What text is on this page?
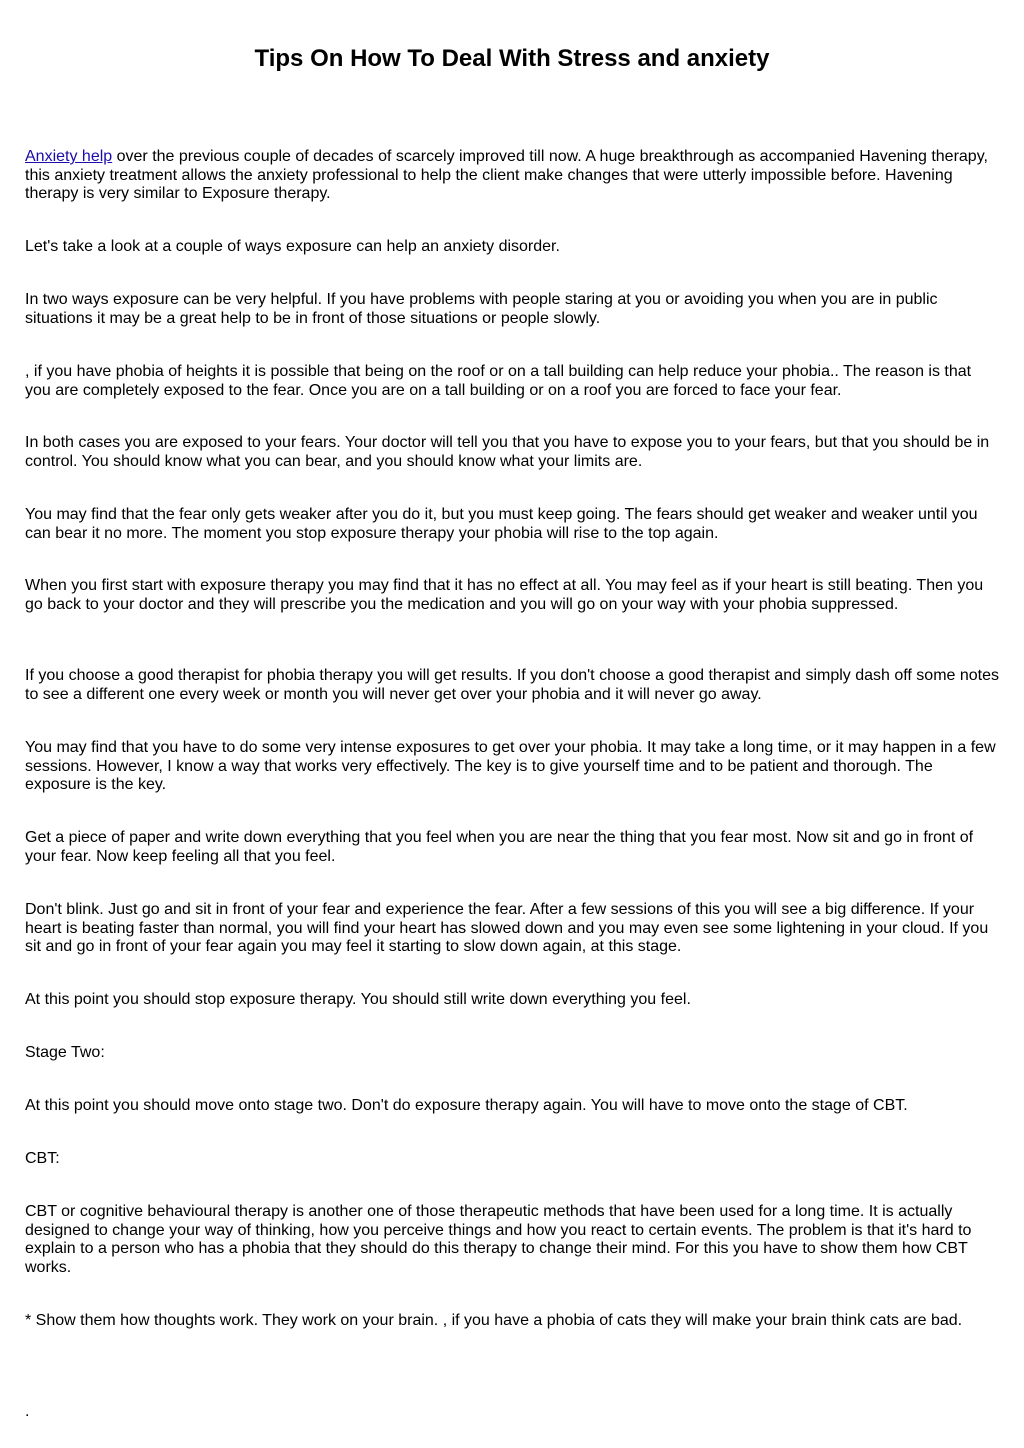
Tips On How To Deal With Stress and anxiety

Anxiety help over the previous couple of decades of scarcely improved till now. A huge breakthrough as accompanied Havening therapy, this anxiety treatment allows the anxiety professional to help the client make changes that were utterly impossible before. Havening therapy is very similar to Exposure therapy.

Let's take a look at a couple of ways exposure can help an anxiety disorder.

In two ways exposure can be very helpful. If you have problems with people staring at you or avoiding you when you are in public situations it may be a great help to be in front of those situations or people slowly.

, if you have phobia of heights it is possible that being on the roof or on a tall building can help reduce your phobia.. The reason is that you are completely exposed to the fear. Once you are on a tall building or on a roof you are forced to face your fear.

In both cases you are exposed to your fears. Your doctor will tell you that you have to expose you to your fears, but that you should be in control. You should know what you can bear, and you should know what your limits are.

You may find that the fear only gets weaker after you do it, but you must keep going. The fears should get weaker and weaker until you can bear it no more. The moment you stop exposure therapy your phobia will rise to the top again.

When you first start with exposure therapy you may find that it has no effect at all. You may feel as if your heart is still beating. Then you go back to your doctor and they will prescribe you the medication and you will go on your way with your phobia suppressed.

If you choose a good therapist for phobia therapy you will get results. If you don't choose a good therapist and simply dash off some notes to see a different one every week or month you will never get over your phobia and it will never go away.

You may find that you have to do some very intense exposures to get over your phobia. It may take a long time, or it may happen in a few sessions. However, I know a way that works very effectively. The key is to give yourself time and to be patient and thorough. The exposure is the key.

Get a piece of paper and write down everything that you feel when you are near the thing that you fear most. Now sit and go in front of your fear. Now keep feeling all that you feel.

Don't blink. Just go and sit in front of your fear and experience the fear. After a few sessions of this you will see a big difference. If your heart is beating faster than normal, you will find your heart has slowed down and you may even see some lightening in your cloud. If you sit and go in front of your fear again you may feel it starting to slow down again, at this stage.

At this point you should stop exposure therapy. You should still write down everything you feel.

Stage Two:

At this point you should move onto stage two. Don't do exposure therapy again. You will have to move onto the stage of CBT.

CBT:

CBT or cognitive behavioural therapy is another one of those therapeutic methods that have been used for a long time. It is actually designed to change your way of thinking, how you perceive things and how you react to certain events. The problem is that it's hard to explain to a person who has a phobia that they should do this therapy to change their mind. For this you have to show them how CBT works.

* Show them how thoughts work. They work on your brain. , if you have a phobia of cats they will make your brain think cats are bad.

.
